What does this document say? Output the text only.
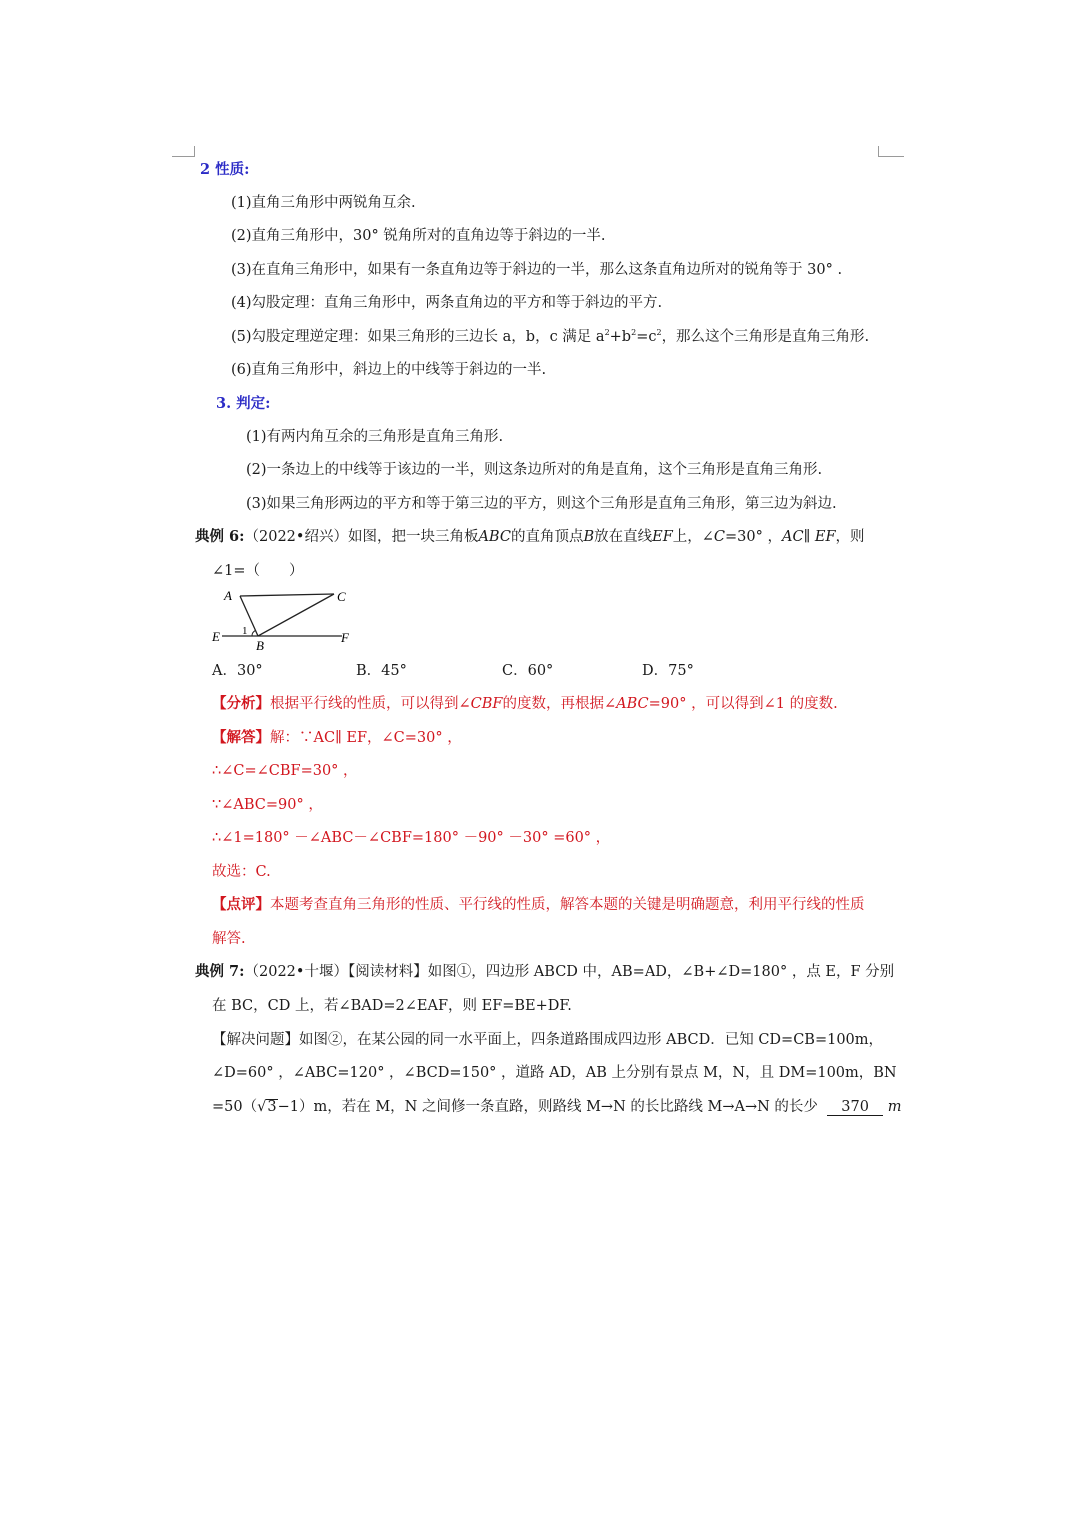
2 性质:
(1)直角三角形中两锐角互余.
(2)直角三角形中，30° 锐角所对的直角边等于斜边的一半.
(3)在直角三角形中，如果有一条直角边等于斜边的一半，那么这条直角边所对的锐角等于 30° .
(4)勾股定理：直角三角形中，两条直角边的平方和等于斜边的平方.
(5)勾股定理逆定理：如果三角形的三边长 a，b，c 满足 $a^2+b^2=c^2$，那么这个三角形是直角三角形.
(6)直角三角形中，斜边上的中线等于斜边的一半.
3. 判定:
(1)有两内角互余的三角形是直角三角形.
(2)一条边上的中线等于该边的一半，则这条边所对的角是直角，这个三角形是直角三角形.
(3)如果三角形两边的平方和等于第三边的平方，则这个三角形是直角三角形，第三边为斜边.
典例 6:（2022•绍兴）如图，把一块三角板ABC的直角顶点B放在直线EF上，∠C=30° ，AC∥ EF，则
∠1=（　　）
A	C
E
B
F
1
A．30°	B．45°	C．60°	D．75°
【分析】根据平行线的性质，可以得到∠CBF的度数，再根据∠ABC=90° ，可以得到∠1 的度数.
【解答】解：∵AC∥ EF，∠C=30° ，
∴∠C=∠CBF=30° ，
∵∠ABC=90° ，
∴∠1=180° －∠ABC－∠CBF=180° －90° －30° =60° ，
故选：C.
【点评】本题考查直角三角形的性质、平行线的性质，解答本题的关键是明确题意，利用平行线的性质
解答.
典例 7:（2022•十堰）【阅读材料】如图①，四边形 ABCD 中，AB=AD，∠B+∠D=180° ，点 E，F 分别
在 BC，CD 上，若∠BAD=2∠EAF，则 EF=BE+DF.
【解决问题】如图②，在某公园的同一水平面上，四条道路围成四边形 ABCD．已知 CD=CB=100m，
∠D=60° ，∠ABC=120° ，∠BCD=150° ，道路 AD，AB 上分别有景点 M，N，且 DM=100m，BN
=50（√3−1）m，若在 M，N 之间修一条直路，则路线 M→N 的长比路线 M→A→N 的长少 370 m
